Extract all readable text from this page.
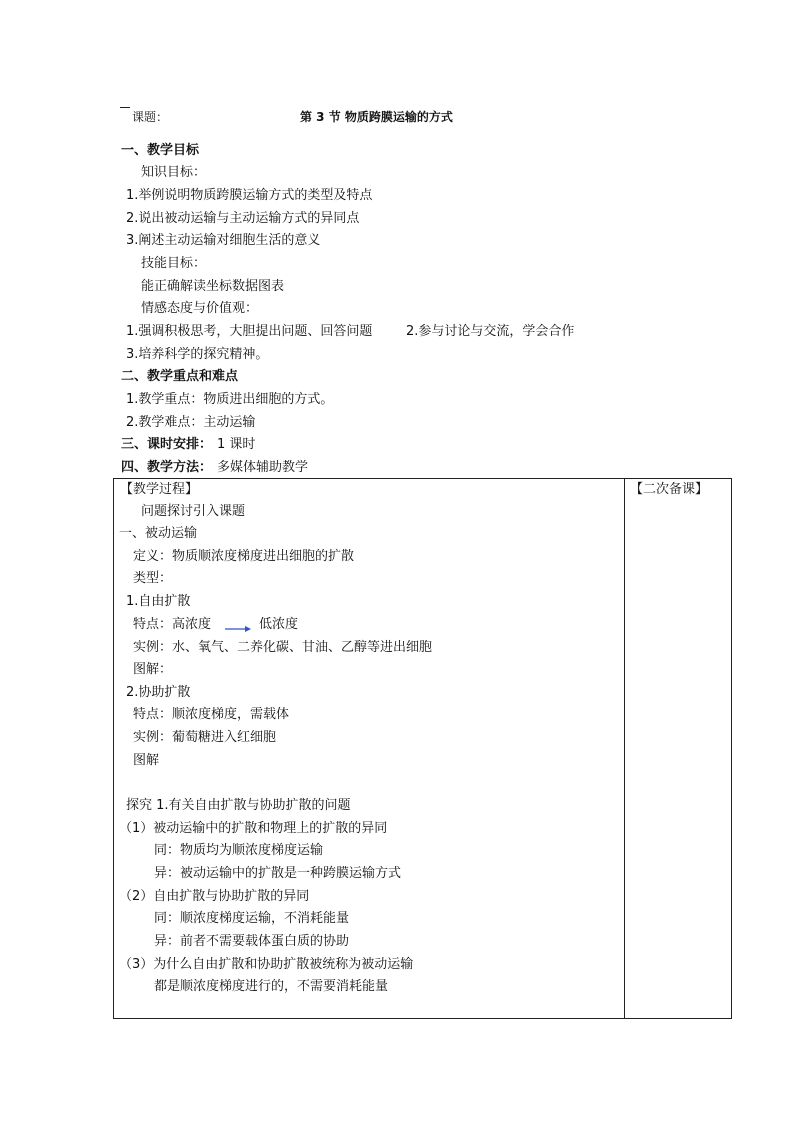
课题：	第 3 节 物质跨膜运输的方式
一、教学目标
知识目标：
1.举例说明物质跨膜运输方式的类型及特点
2.说出被动运输与主动运输方式的异同点
3.阐述主动运输对细胞生活的意义
技能目标：
能正确解读坐标数据图表
情感态度与价值观：
1.强调积极思考，大胆提出问题、回答问题	2.参与讨论与交流，学会合作
3.培养科学的探究精神。
二、教学重点和难点
1.教学重点：物质进出细胞的方式。
2.教学难点：主动运输
三、课时安排： 1 课时
四、教学方法： 多媒体辅助教学
【教学过程】	【二次备课】
问题探讨引入课题
一、被动运输
定义：物质顺浓度梯度进出细胞的扩散
类型：
1.自由扩散
特点：高浓度	低浓度
实例：水、氧气、二养化碳、甘油、乙醇等进出细胞
图解：
2.协助扩散
特点：顺浓度梯度，需载体
实例：葡萄糖进入红细胞
图解
探究 1.有关自由扩散与协助扩散的问题
（1）被动运输中的扩散和物理上的扩散的异同
同：物质均为顺浓度梯度运输
异：被动运输中的扩散是一种跨膜运输方式
（2）自由扩散与协助扩散的异同
同：顺浓度梯度运输，不消耗能量
异：前者不需要载体蛋白质的协助
（3）为什么自由扩散和协助扩散被统称为被动运输
都是顺浓度梯度进行的，不需要消耗能量
